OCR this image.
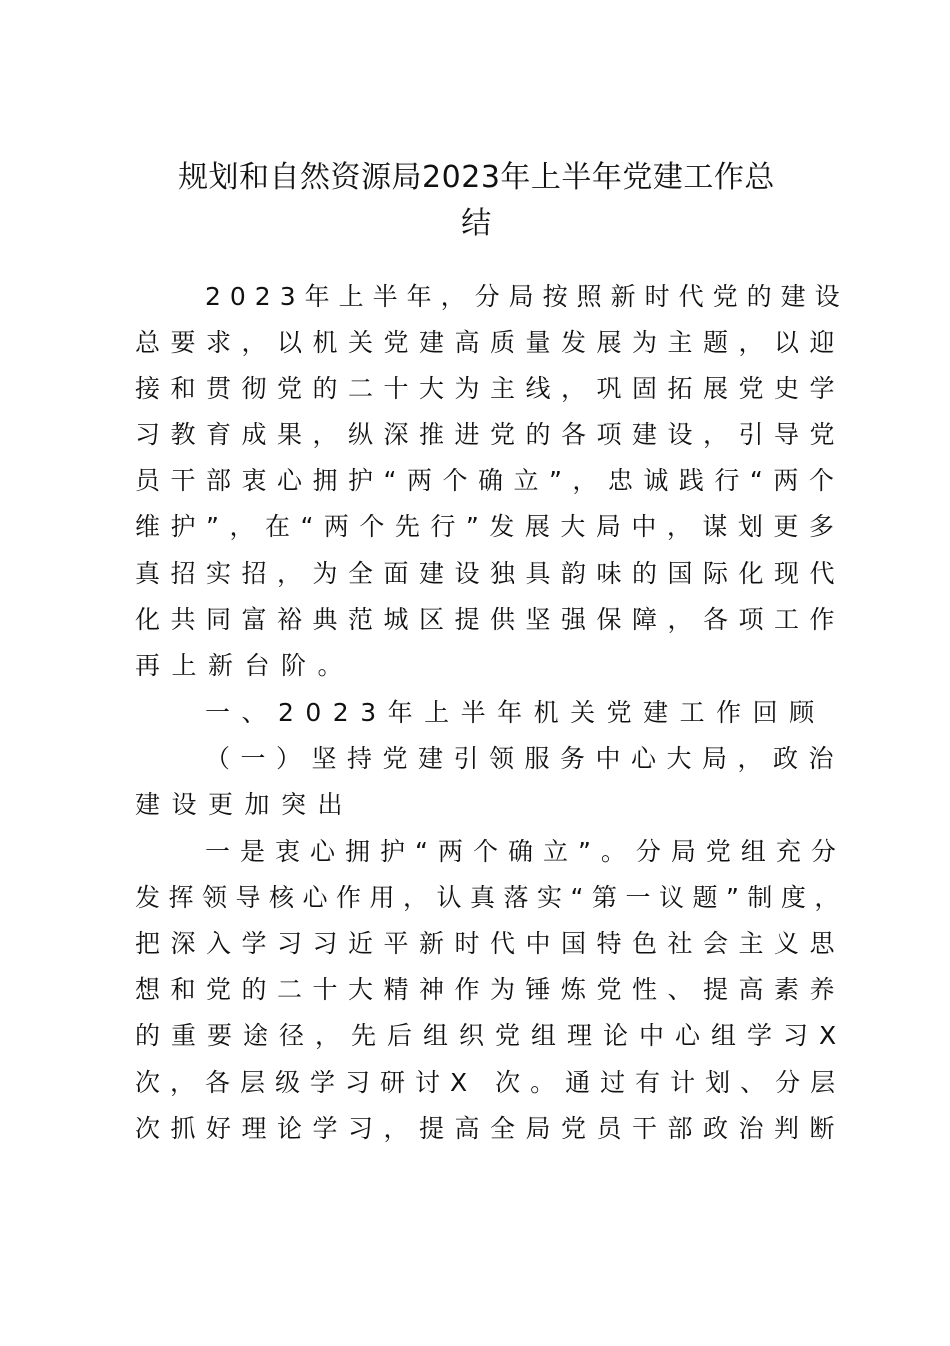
规划和自然资源局2023年上半年党建工作总
结

2023年上半年，分局按照新时代党的建设

总要求，以机关党建高质量发展为主题，以迎

接和贯彻党的二十大为主线，巩固拓展党史学

习教育成果，纵深推进党的各项建设，引导党

员干部衷心拥护“两个确立”，忠诚践行“两个

维护”，在“两个先行”发展大局中，谋划更多

真招实招，为全面建设独具韵味的国际化现代

化共同富裕典范城区提供坚强保障，各项工作

再上新台阶。

一、2023年上半年机关党建工作回顾

（一）坚持党建引领服务中心大局，政治

建设更加突出

一是衷心拥护“两个确立”。分局党组充分

发挥领导核心作用，认真落实“第一议题”制度，

把深入学习习近平新时代中国特色社会主义思

想和党的二十大精神作为锤炼党性、提高素养

的重要途径，先后组织党组理论中心组学习X

次，各层级学习研讨X 次。通过有计划、分层

次抓好理论学习，提高全局党员干部政治判断
